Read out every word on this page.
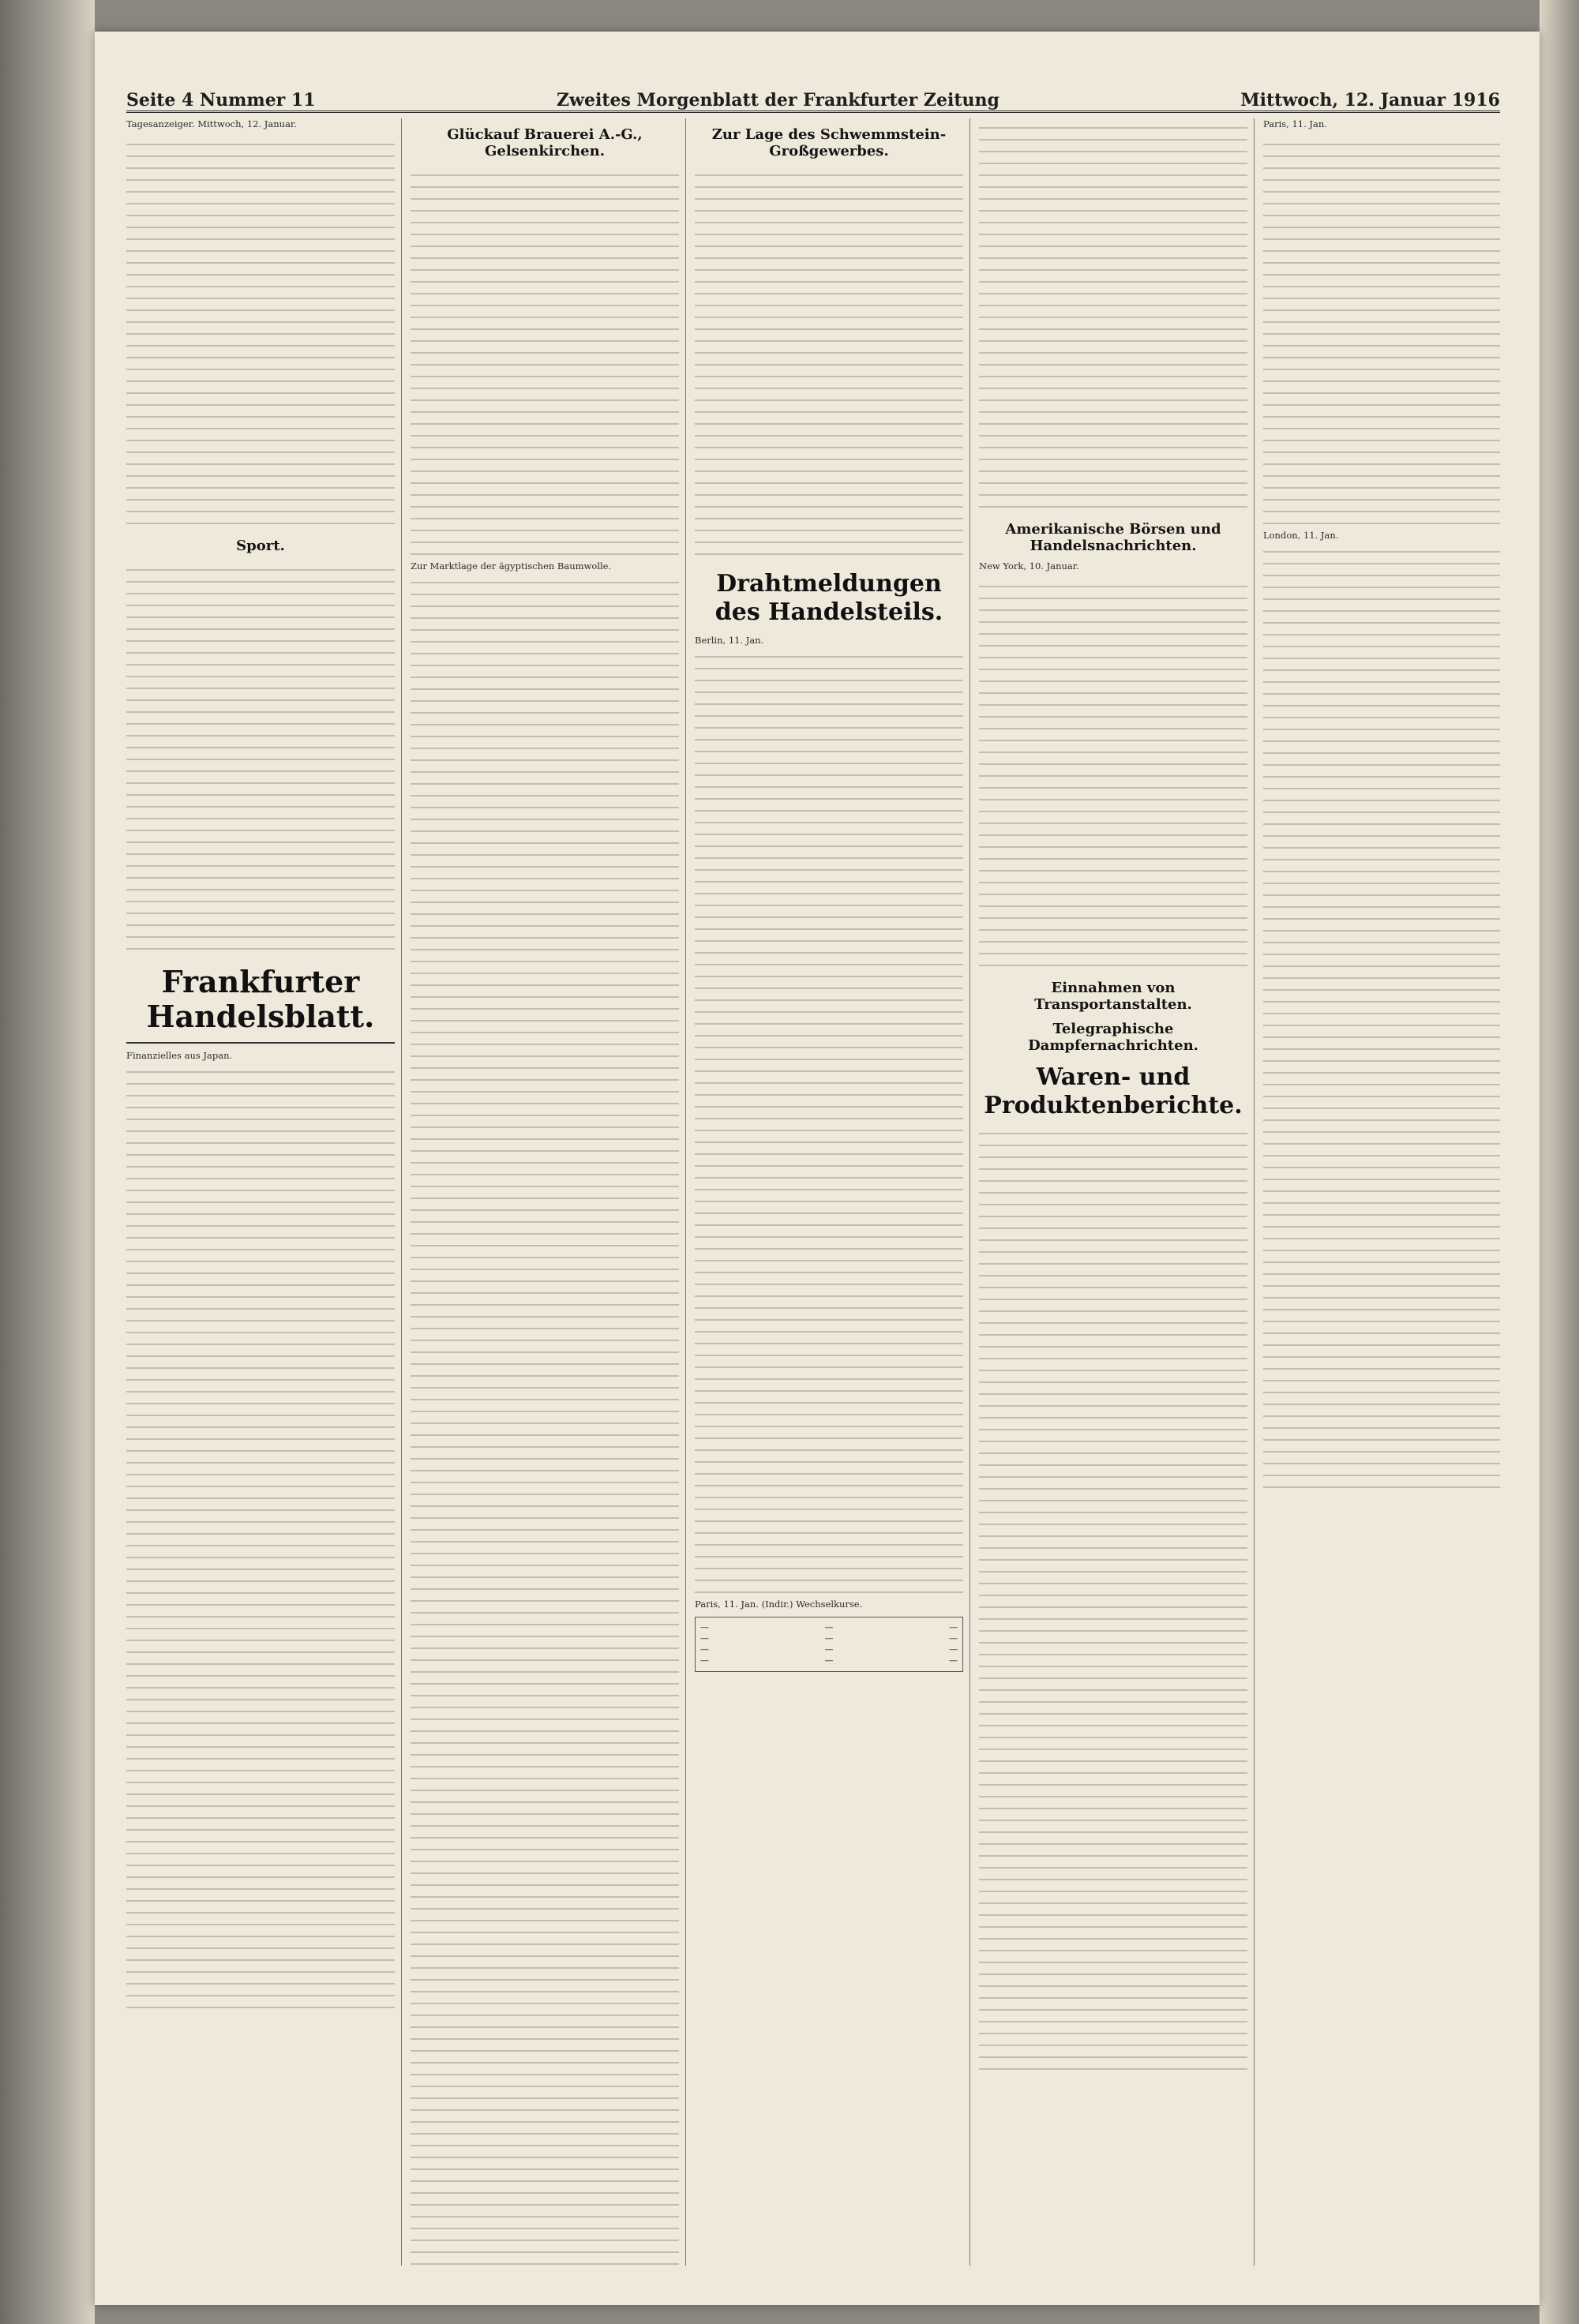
Seite 4 Nummer 11	Zweites Morgenblatt der Frankfurter Zeitung	Mittwoch, 12. Januar 1916
Tagesanzeiger. Mittwoch, 12. Januar.
Sport.
Frankfurter Handelsblatt.
Finanzielles aus Japan.
Glückauf Brauerei A.-G., Gelsenkirchen.
Zur Marktlage der ägyptischen Baumwolle.
Zur Lage des Schwemmstein-Großgewerbes.
Drahtmeldungen des Handelsteils.
Berlin, 11. Jan.
Paris, 11. Jan. (Indir.) Wechselkurse.
—	—	—
—	—	—
—	—	—
—	—	—
Amerikanische Börsen und Handelsnachrichten.
New York, 10. Januar.
Einnahmen von Transportanstalten.
Telegraphische Dampfernachrichten.
Waren- und Produktenberichte.
Paris, 11. Jan.
London, 11. Jan.
